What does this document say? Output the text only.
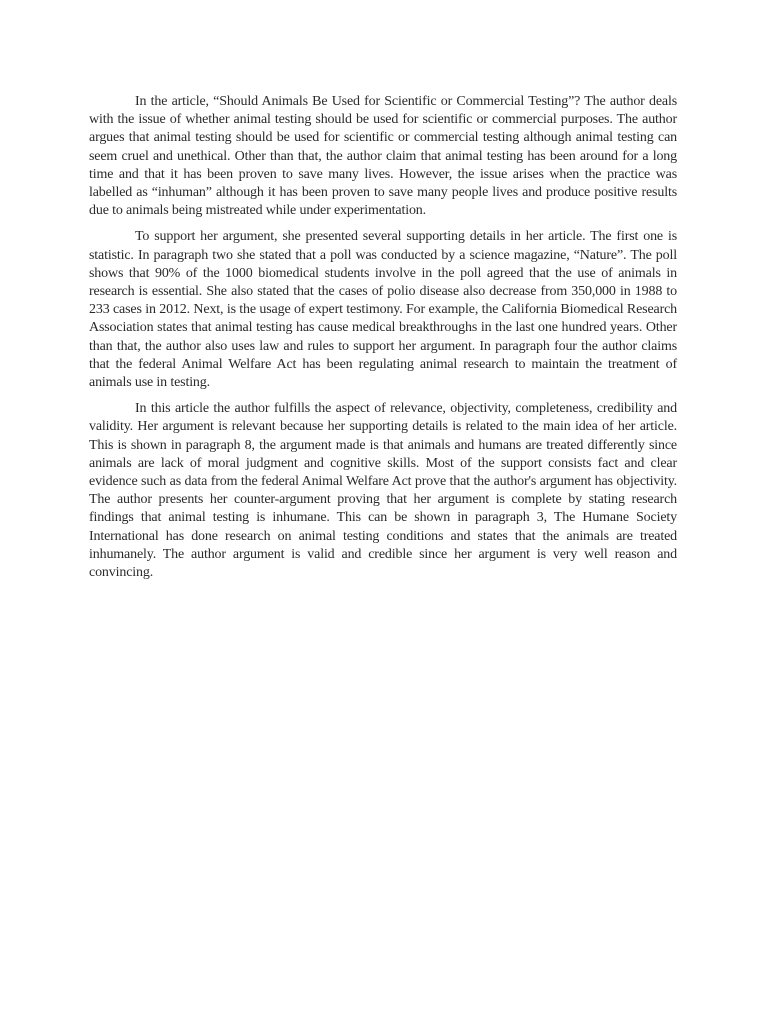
In the article, “Should Animals Be Used for Scientific or Commercial Testing”? The author deals with the issue of whether animal testing should be used for scientific or commercial purposes. The author argues that animal testing should be used for scientific or commercial testing although animal testing can seem cruel and unethical. Other than that, the author claim that animal testing has been around for a long time and that it has been proven to save many lives. However, the issue arises when the practice was labelled as “inhuman” although it has been proven to save many people lives and produce positive results due to animals being mistreated while under experimentation.

To support her argument, she presented several supporting details in her article. The first one is statistic. In paragraph two she stated that a poll was conducted by a science magazine, “Nature”. The poll shows that 90% of the 1000 biomedical students involve in the poll agreed that the use of animals in research is essential. She also stated that the cases of polio disease also decrease from 350,000 in 1988 to 233 cases in 2012. Next, is the usage of expert testimony. For example, the California Biomedical Research Association states that animal testing has cause medical breakthroughs in the last one hundred years. Other than that, the author also uses law and rules to support her argument. In paragraph four the author claims that the federal Animal Welfare Act has been regulating animal research to maintain the treatment of animals use in testing.

In this article the author fulfills the aspect of relevance, objectivity, completeness, credibility and validity. Her argument is relevant because her supporting details is related to the main idea of her article. This is shown in paragraph 8, the argument made is that animals and humans are treated differently since animals are lack of moral judgment and cognitive skills. Most of the support consists fact and clear evidence such as data from the federal Animal Welfare Act prove that the author's argument has objectivity. The author presents her counter-argument proving that her argument is complete by stating research findings that animal testing is inhumane. This can be shown in paragraph 3, The Humane Society International has done research on animal testing conditions and states that the animals are treated inhumanely. The author argument is valid and credible since her argument is very well reason and convincing.
